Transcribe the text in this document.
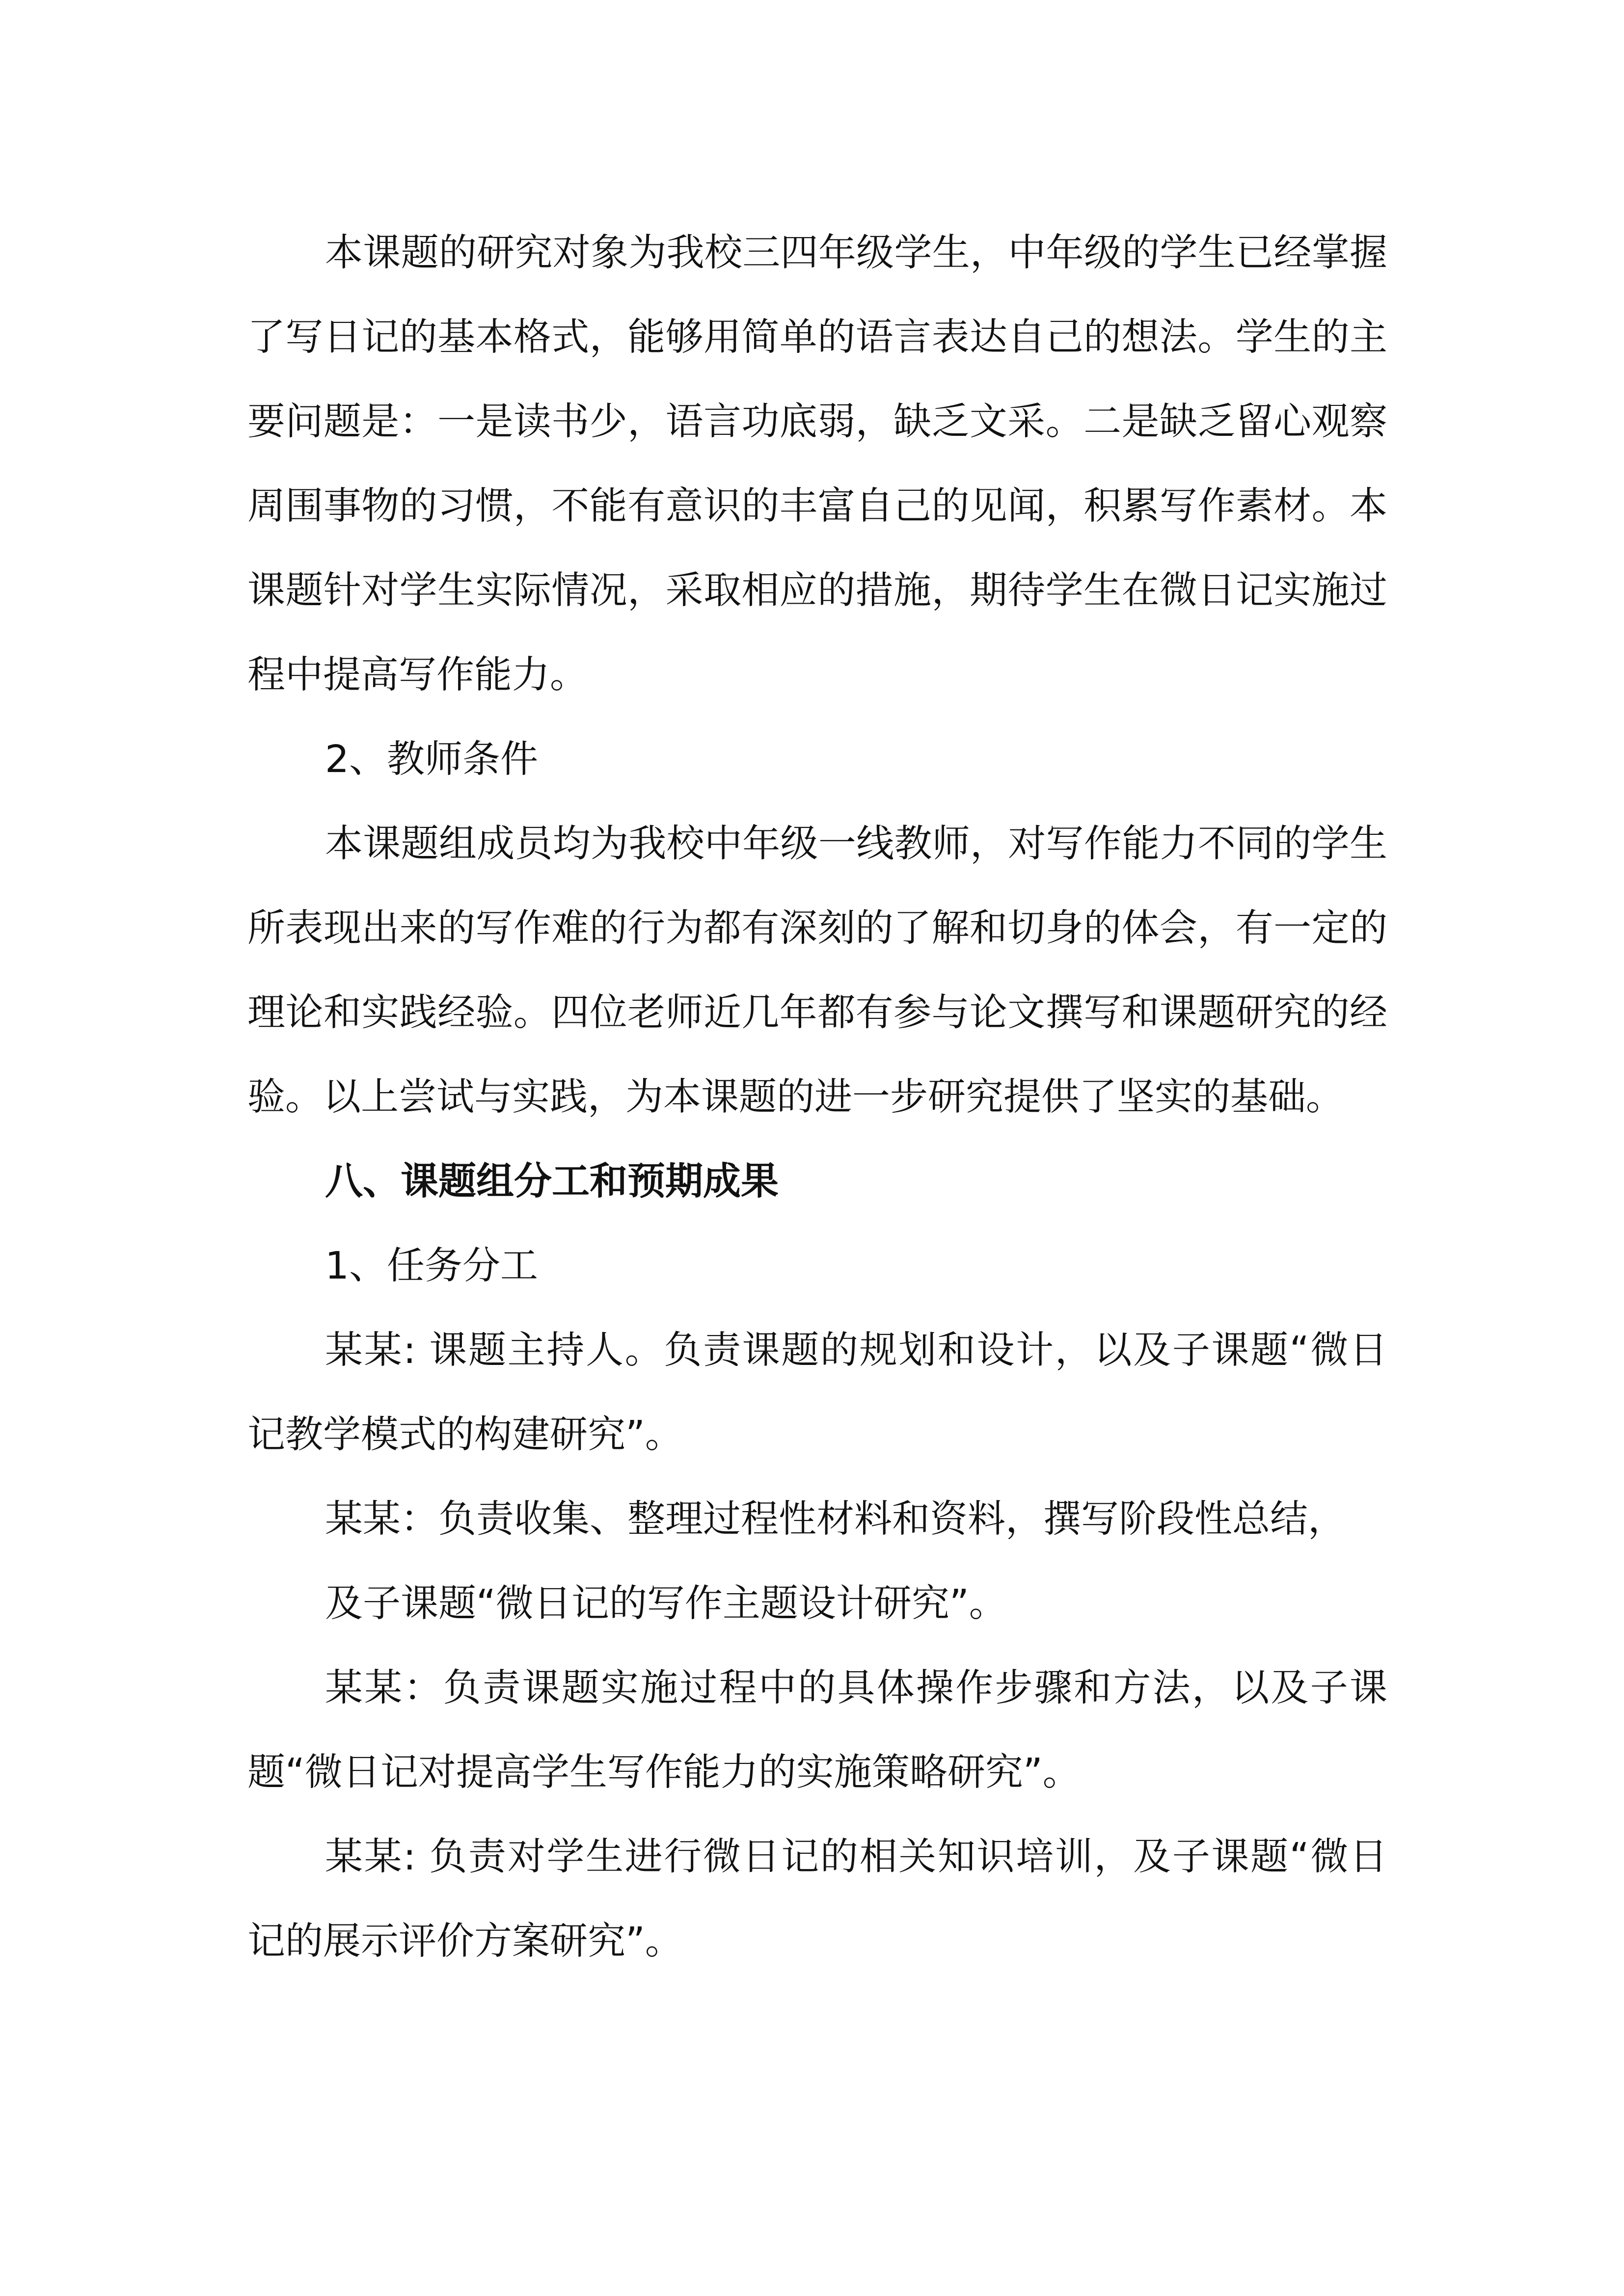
本课题的研究对象为我校三四年级学生，中年级的学生已经掌握了写日记的基本格式，能够用简单的语言表达自己的想法。学生的主要问题是：一是读书少，语言功底弱，缺乏文采。二是缺乏留心观察周围事物的习惯，不能有意识的丰富自己的见闻，积累写作素材。本课题针对学生实际情况，采取相应的措施，期待学生在微日记实施过程中提高写作能力。

2、教师条件

本课题组成员均为我校中年级一线教师，对写作能力不同的学生所表现出来的写作难的行为都有深刻的了解和切身的体会，有一定的理论和实践经验。四位老师近几年都有参与论文撰写和课题研究的经验。以上尝试与实践，为本课题的进一步研究提供了坚实的基础。

八、课题组分工和预期成果

1、任务分工

某某: 课题主持人。负责课题的规划和设计，以及子课题“微日记教学模式的构建研究”。

某某：负责收集、整理过程性材料和资料，撰写阶段性总结，

及子课题“微日记的写作主题设计研究”。

某某：负责课题实施过程中的具体操作步骤和方法，以及子课题“微日记对提高学生写作能力的实施策略研究”。

某某: 负责对学生进行微日记的相关知识培训，及子课题“微日记的展示评价方案研究”。
